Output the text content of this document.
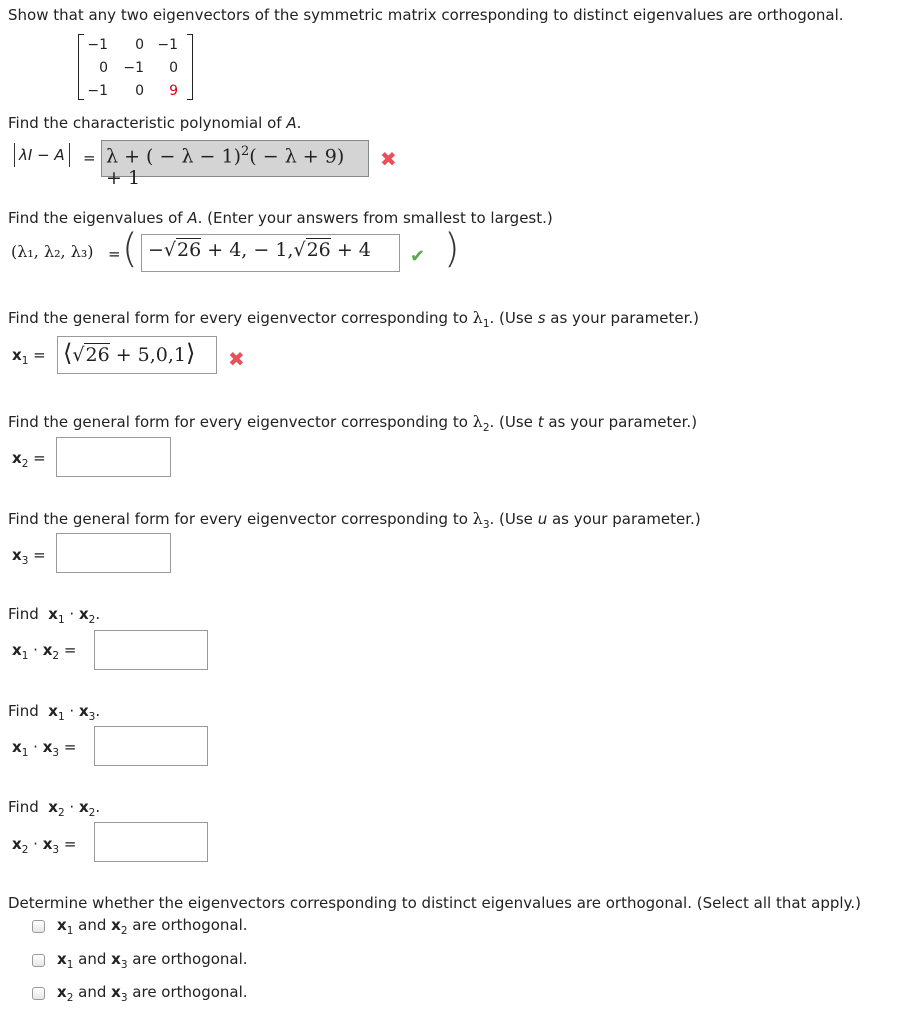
Show that any two eigenvectors of the symmetric matrix corresponding to distinct eigenvalues are orthogonal.
−1	0 −1
0 −1	0
−1	0	9
Find the characteristic polynomial of A.
λI − A	= λ + ( − λ − 1)$^2$( − λ + 9) + 1
✖
Find the eigenvalues of A. (Enter your answers from smallest to largest.)
(λ₁, λ₂, λ₃) = ( −√26 + 4, − 1,√26 + 4	✔ )
Find the general form for every eigenvector corresponding to $\lambda_1$. (Use s as your parameter.)
$x_1$ = ⟨√26 + 5,0,1⟩	✖
Find the general form for every eigenvector corresponding to $\lambda_2$. (Use t as your parameter.)
$x_2$ =
Find the general form for every eigenvector corresponding to $\lambda_3$. (Use u as your parameter.)
$x_3$ =
Find $x_1 \cdot x_2$.
$x_1 \cdot x_2$ =
Find $x_1 \cdot x_3$.
$x_1 \cdot x_3$ =
Find $x_2 \cdot x_2$.
$x_2 \cdot x_3$ =
Determine whether the eigenvectors corresponding to distinct eigenvalues are orthogonal. (Select all that apply.)
$x_1$ and $x_2$ are orthogonal.
$x_1$ and $x_3$ are orthogonal.
$x_2$ and $x_3$ are orthogonal.
